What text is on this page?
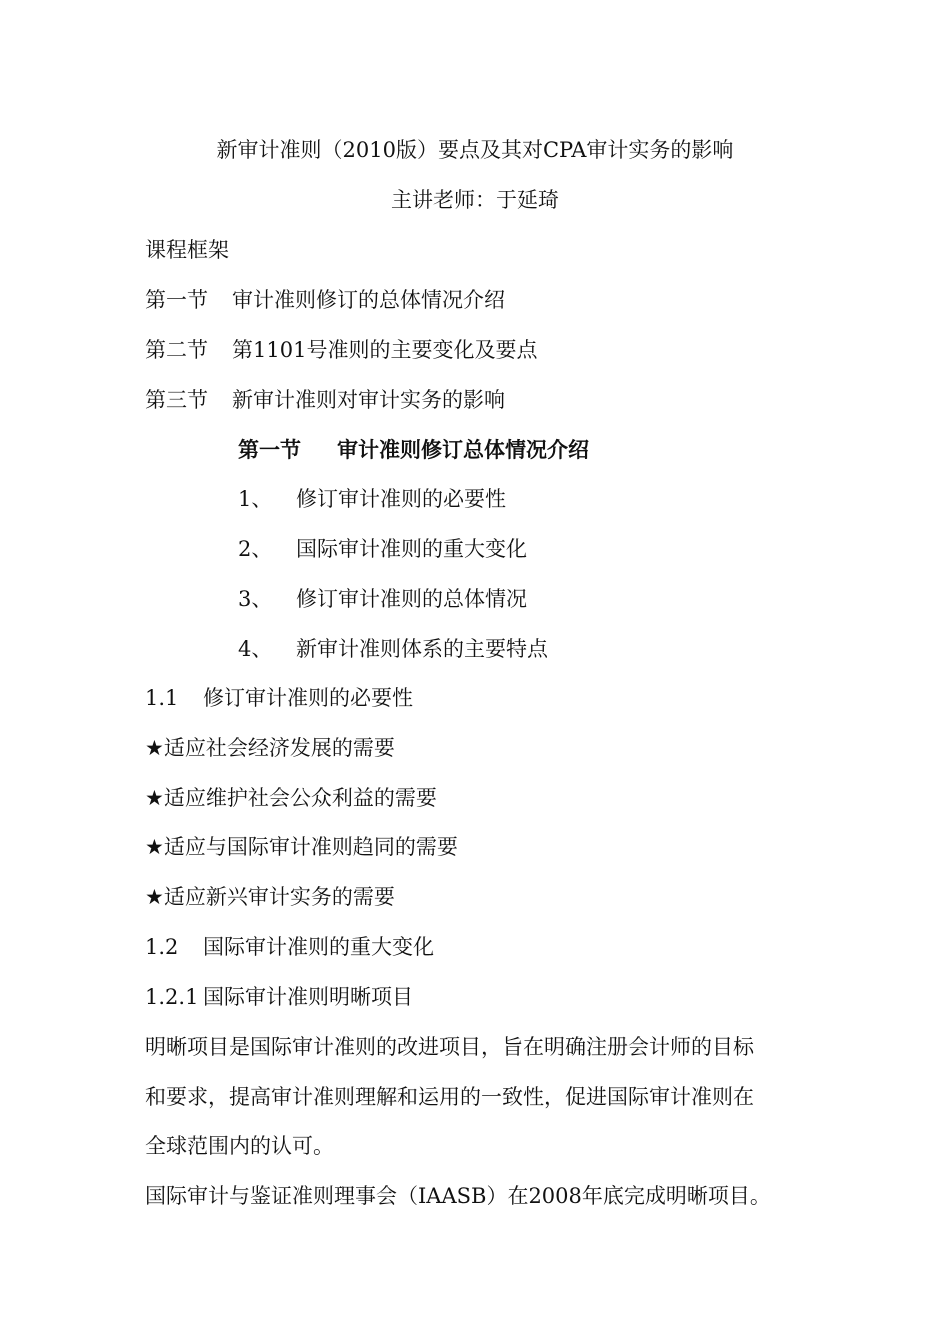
新审计准则（2010版）要点及其对CPA审计实务的影响
主讲老师：于延琦
课程框架
第一节 审计准则修订的总体情况介绍
第二节 第1101号准则的主要变化及要点
第三节 新审计准则对审计实务的影响
第一节 审计准则修订总体情况介绍
1、 修订审计准则的必要性
2、 国际审计准则的重大变化
3、 修订审计准则的总体情况
4、 新审计准则体系的主要特点
1.1 修订审计准则的必要性
★适应社会经济发展的需要
★适应维护社会公众利益的需要
★适应与国际审计准则趋同的需要
★适应新兴审计实务的需要
1.2 国际审计准则的重大变化
1.2.1 国际审计准则明晰项目
明晰项目是国际审计准则的改进项目，旨在明确注册会计师的目标
和要求，提高审计准则理解和运用的一致性，促进国际审计准则在
全球范围内的认可。
国际审计与鉴证准则理事会（IAASB）在2008年底完成明晰项目。
